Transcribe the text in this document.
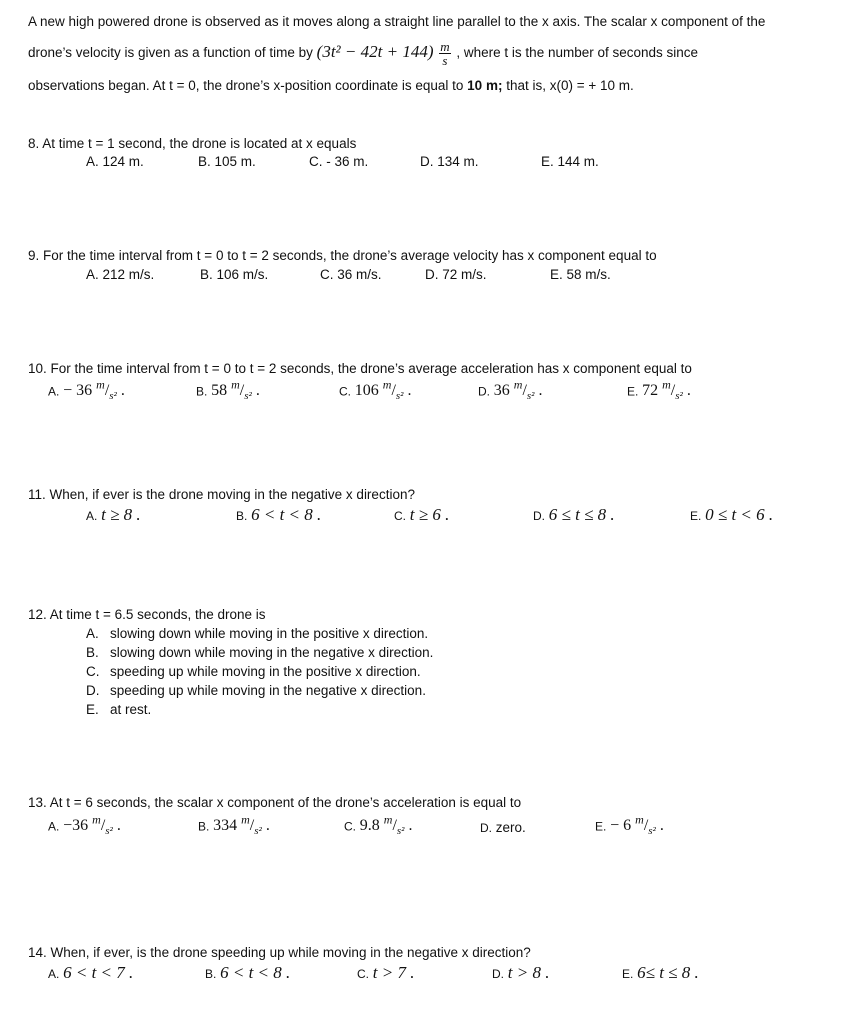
A new high powered drone is observed as it moves along a straight line parallel to the x axis. The scalar x component of the
drone’s velocity is given as a function of time by $(3t^2 - 42t + 144) \frac{m}{s}$ , where t is the number of seconds since
observations began. At t = 0, the drone’s x-position coordinate is equal to 10 m; that is, x(0) = + 10 m.
8. At time t = 1 second, the drone is located at x equals
A. 124 m.	B. 105 m.	C. - 36 m.	D. 134 m.	E. 144 m.
9. For the time interval from t = 0 to t = 2 seconds, the drone’s average velocity has x component equal to
A. 212 m/s.	B. 106 m/s.	C. 36 m/s.	D. 72 m/s.	E. 58 m/s.
10. For the time interval from t = 0 to t = 2 seconds, the drone’s average acceleration has x component equal to
A. − 36 $^m/_{s^2}$ .	B. 58 $^m/_{s^2}$ .	C. 106 $^m/_{s^2}$ .	D. 36 $^m/_{s^2}$ .	E. 72 $^m/_{s^2}$ .
11. When, if ever is the drone moving in the negative x direction?
A. t ≥ 8 .	B. 6 < t < 8 .	C. t ≥ 6 .	D. 6 ≤ t ≤ 8 .	E. 0 ≤ t < 6 .
12. At time t = 6.5 seconds, the drone is
A. slowing down while moving in the positive x direction.
B. slowing down while moving in the negative x direction.
C. speeding up while moving in the positive x direction.
D. speeding up while moving in the negative x direction.
E. at rest.
13. At t = 6 seconds, the scalar x component of the drone’s acceleration is equal to
A. −36 $^m/_{s^2}$ .	B. 334 $^m/_{s^2}$ .	C. 9.8 $^m/_{s^2}$ .	D. zero.	E. − 6 $^m/_{s^2}$ .
14. When, if ever, is the drone speeding up while moving in the negative x direction?
A. 6 < t < 7 .	B. 6 < t < 8 .	C. t > 7 .	D. t > 8 .	E. 6≤ t ≤ 8 .
